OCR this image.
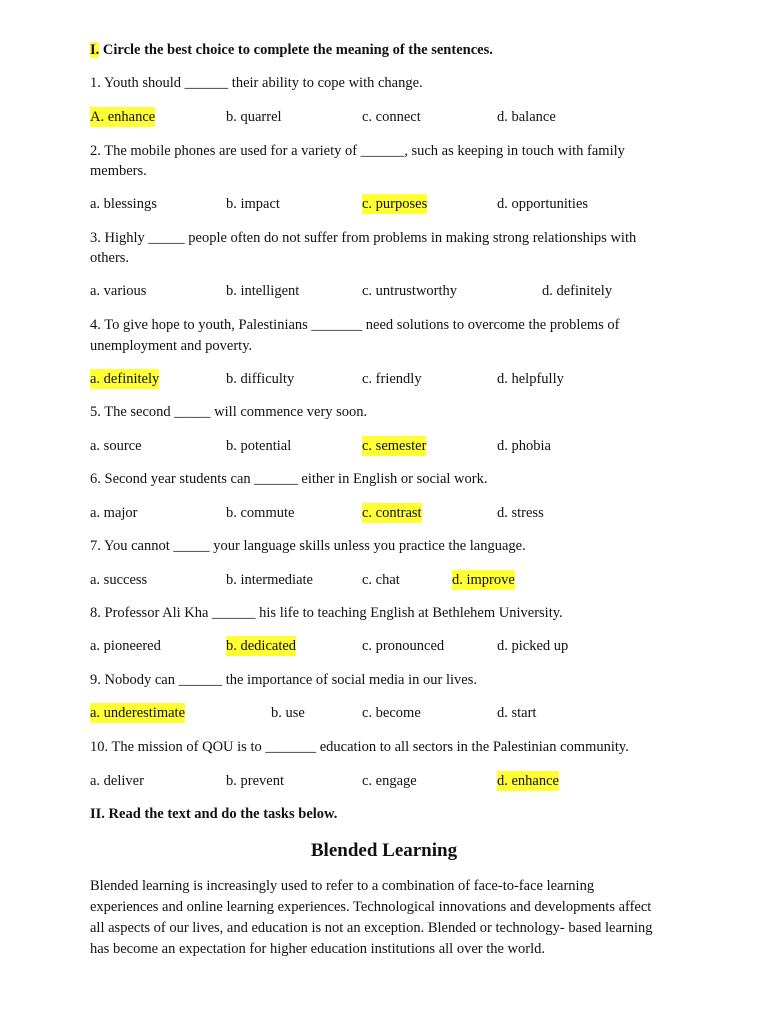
I. Circle the best choice to complete the meaning of the sentences.
1. Youth should ______ their ability to cope with change.
A. enhance	b. quarrel	c. connect	d. balance
2. The mobile phones are used for a variety of ______, such as keeping in touch with family
members.
a. blessings	b. impact	c. purposes	d. opportunities
3. Highly _____ people often do not suffer from problems in making strong relationships with
others.
a. various	b. intelligent	c. untrustworthy	d. definitely
4. To give hope to youth, Palestinians _______ need solutions to overcome the problems of
unemployment and poverty.
a. definitely	b. difficulty	c. friendly	d. helpfully
5. The second _____ will commence very soon.
a. source	b. potential	c. semester	d. phobia
6. Second year students can ______ either in English or social work.
a. major	b. commute	c. contrast	d. stress
7. You cannot _____ your language skills unless you practice the language.
a. success	b. intermediate	c. chat	d. improve
8. Professor Ali Kha ______ his life to teaching English at Bethlehem University.
a. pioneered	b. dedicated	c. pronounced	d. picked up
9. Nobody can ______ the importance of social media in our lives.
a. underestimate	b. use	c. become	d. start
10. The mission of QOU is to _______ education to all sectors in the Palestinian community.
a. deliver	b. prevent	c. engage	d. enhance
II. Read the text and do the tasks below.
Blended Learning
Blended learning is increasingly used to refer to a combination of face-to-face learning
experiences and online learning experiences. Technological innovations and developments affect
all aspects of our lives, and education is not an exception. Blended or technology- based learning
has become an expectation for higher education institutions all over the world.
